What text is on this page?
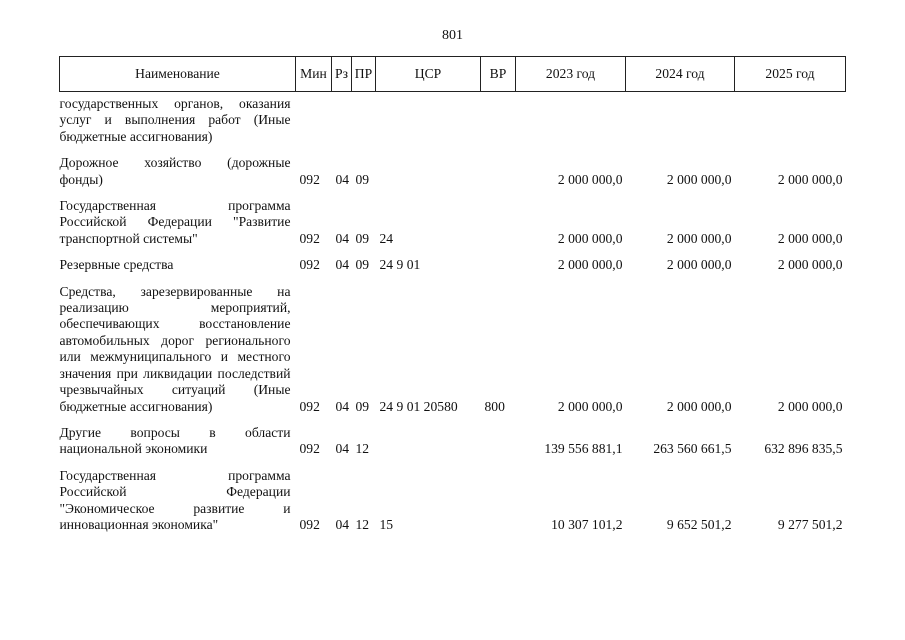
801
Наименование	Мин	Рз	ПР	ЦСР	ВР	2023 год	2024 год	2025 год
государственных органов, оказания услуг и выполнения работ (Иные бюджетные ассигнования)								
Дорожное хозяйство (дорожные фонды)	092	04	09			2 000 000,0	2 000 000,0	2 000 000,0
Государственная программа Российской Федерации "Развитие транспортной системы"	092	04	09	24		2 000 000,0	2 000 000,0	2 000 000,0
Резервные средства	092	04	09	24 9 01		2 000 000,0	2 000 000,0	2 000 000,0
Средства, зарезервированные на реализацию мероприятий, обеспечивающих восстановление автомобильных дорог регионального или межмуниципального и местного значения при ликвидации последствий чрезвычайных ситуаций (Иные бюджетные ассигнования)	092	04	09	24 9 01 20580	800	2 000 000,0	2 000 000,0	2 000 000,0
Другие вопросы в области национальной экономики	092	04	12			139 556 881,1	263 560 661,5	632 896 835,5
Государственная программа Российской Федерации "Экономическое развитие и инновационная экономика"	092	04	12	15		10 307 101,2	9 652 501,2	9 277 501,2
